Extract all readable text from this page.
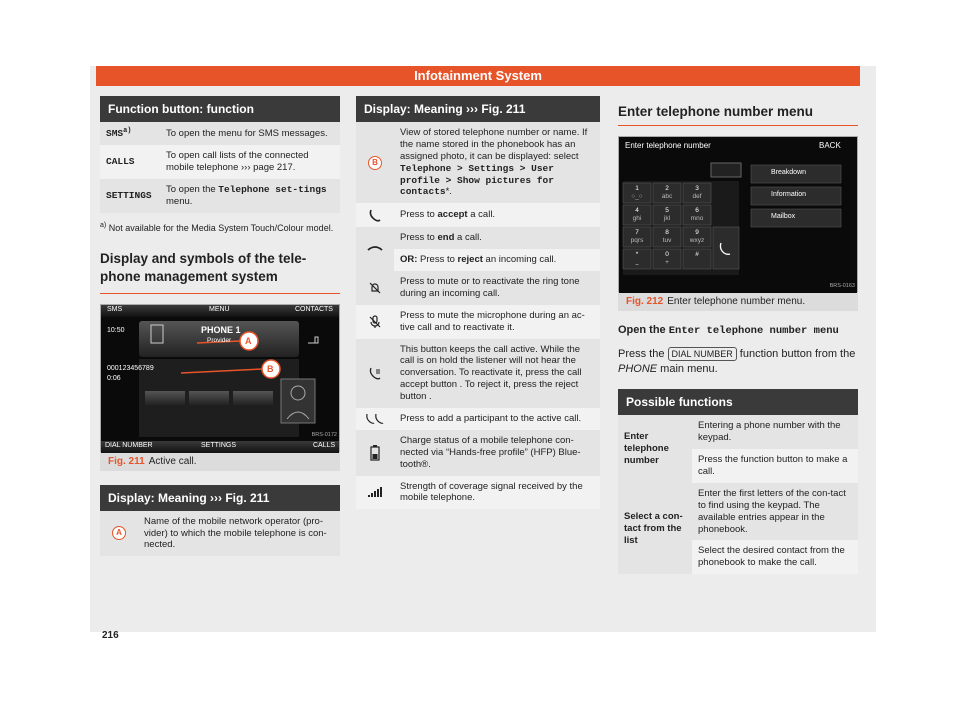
Infotainment System
Function button: function	
SMS$^{a)}$	To open the menu for SMS messages.
CALLS	To open call lists of the connected mobile telephone ››› page 217.
SETTINGS	To open the Telephone set-tings menu.
$^{a)}$ Not available for the Media System Touch/Colour model.
Display and symbols of the tele-phone management system
SMS	MENU	CONTACTS
10:50	PHONE 1
Provider
000123456789
0:06
DIAL NUMBER	SETTINGS	CALLS
A
B
BRS-0172
Fig. 211 Active call.
Display: Meaning ››› Fig. 211
A	Name of the mobile network operator (pro-vider) to which the mobile telephone is con-nected.
Display: Meaning ››› Fig. 211	
B	View of stored telephone number or name. If the name stored in the phonebook has an assigned photo, it can be displayed: select Telephone > Settings > User profile > Show pictures for contacts*.

	Press to accept a call.

	Press to end a call.
	OR: Press to reject an incoming call.

	Press to mute or to reactivate the ring tone during an incoming call.

	Press to mute the microphone during an ac-tive call and to reactivate it.

	This button keeps the call active. While the call is on hold the listener will not hear the conversation. To reactivate it, press the call accept button . To reject it, press the reject button .

	Press to add a participant to the active call.

	Charge status of a mobile telephone con-nected via “Hands-free profile” (HFP) Blue-tooth®.

	Strength of coverage signal received by the mobile telephone.
Enter telephone number menu
Enter telephone number	BACK
1
○_○
2
abc
3
def
4
ghi
5
jkl
6
mno
7
pqrs
8
tuv
9
wxyz
*
⎵
0
+
#

Breakdown
Information
Mailbox
BRS-0163
Fig. 212 Enter telephone number menu.
Open the Enter telephone number menu
Press the DIAL NUMBER function button from the PHONE main menu.
Possible functions	
Enter telephone number	Entering a phone number with the keypad.
	Press the function button to make a call.
Select a con-tact from the list	Enter the first letters of the con-tact to find using the keypad. The available entries appear in the phonebook.
	Select the desired contact from the phonebook to make the call.
216
